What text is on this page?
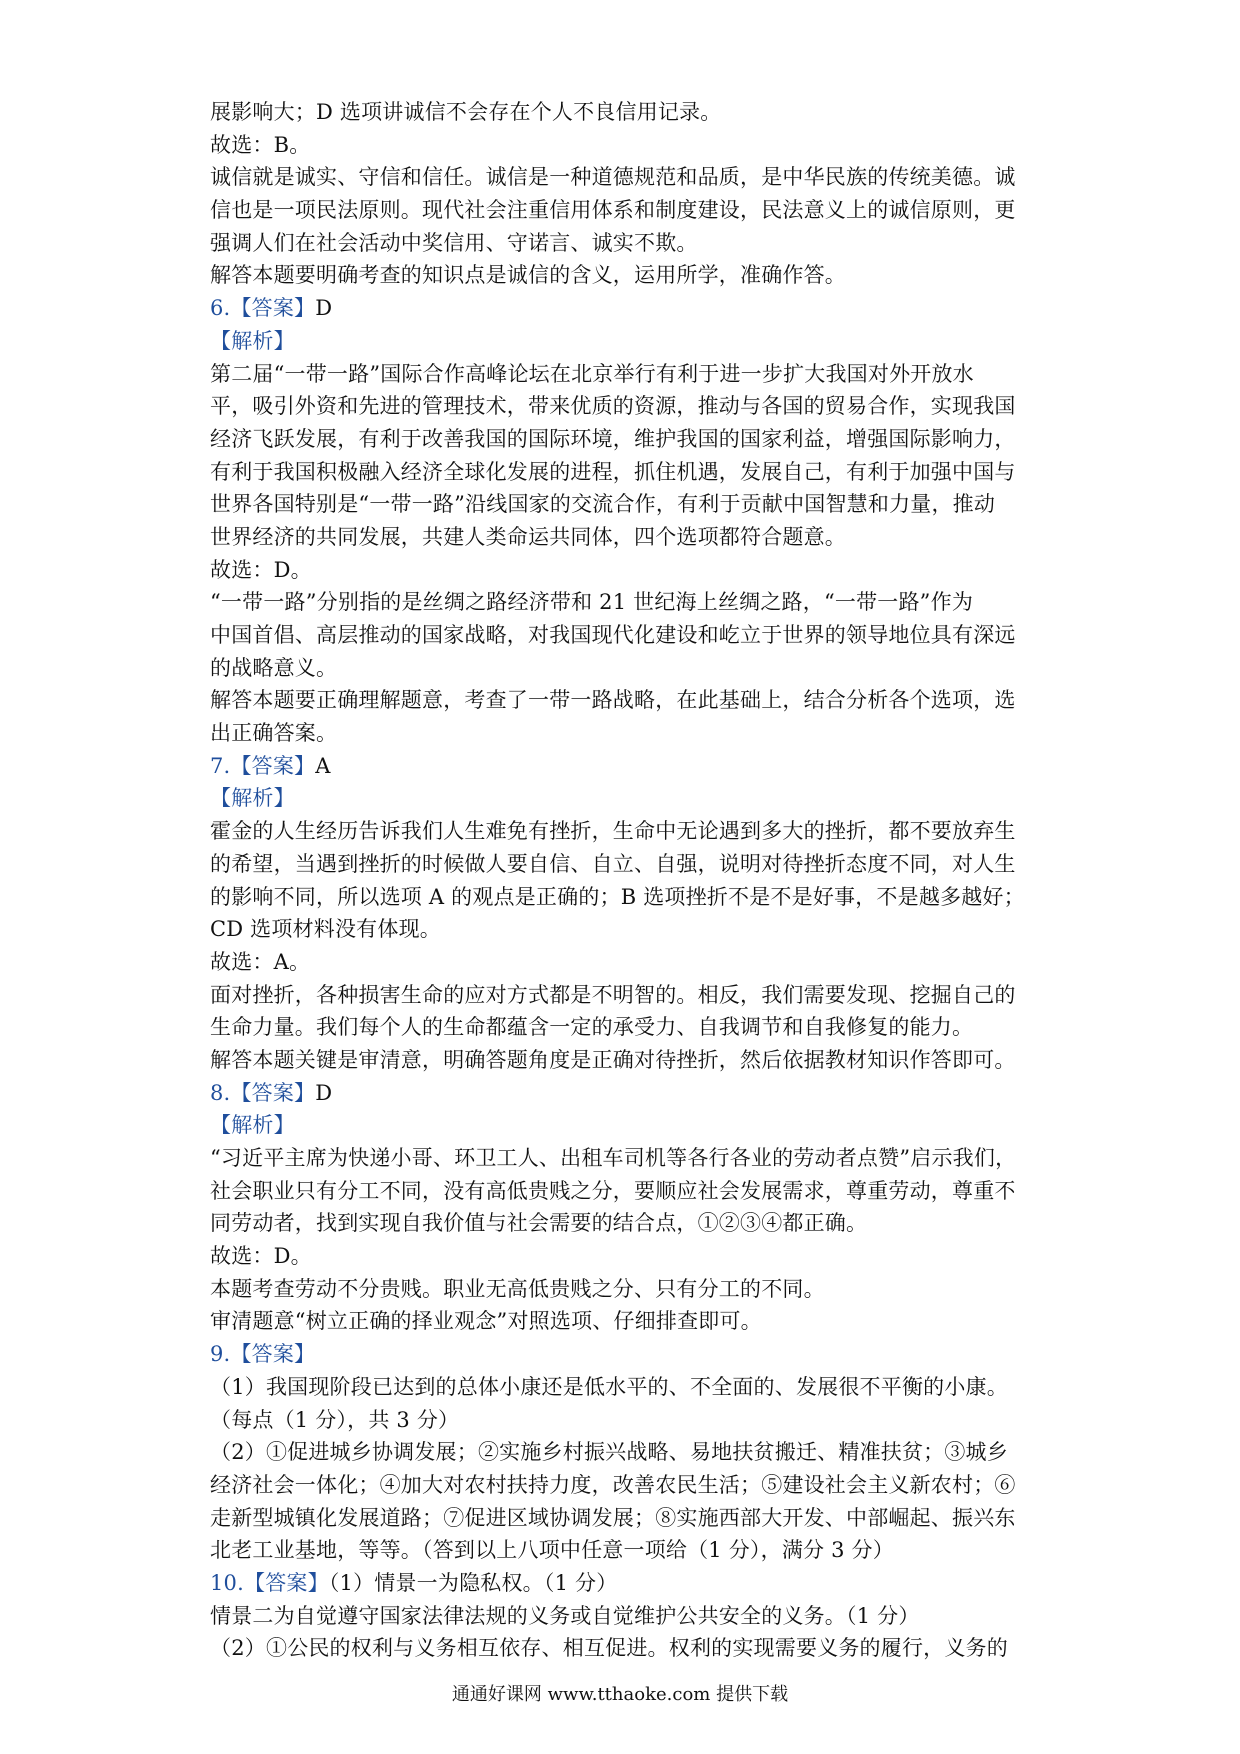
展影响大；D 选项讲诚信不会存在个人不良信用记录。
故选：B。
诚信就是诚实、守信和信任。诚信是一种道德规范和品质，是中华民族的传统美德。诚
信也是一项民法原则。现代社会注重信用体系和制度建设，民法意义上的诚信原则，更
强调人们在社会活动中奖信用、守诺言、诚实不欺。
解答本题要明确考查的知识点是诚信的含义，运用所学，准确作答。
6.【答案】D
【解析】
第二届“一带一路”国际合作高峰论坛在北京举行有利于进一步扩大我国对外开放水
平，吸引外资和先进的管理技术，带来优质的资源，推动与各国的贸易合作，实现我国
经济飞跃发展，有利于改善我国的国际环境，维护我国的国家利益，增强国际影响力，
有利于我国积极融入经济全球化发展的进程，抓住机遇，发展自己，有利于加强中国与
世界各国特别是“一带一路”沿线国家的交流合作，有利于贡献中国智慧和力量，推动
世界经济的共同发展，共建人类命运共同体，四个选项都符合题意。
故选：D。
“一带一路”分别指的是丝绸之路经济带和 21 世纪海上丝绸之路，“一带一路”作为
中国首倡、高层推动的国家战略，对我国现代化建设和屹立于世界的领导地位具有深远
的战略意义。
解答本题要正确理解题意，考查了一带一路战略，在此基础上，结合分析各个选项，选
出正确答案。
7.【答案】A
【解析】
霍金的人生经历告诉我们人生难免有挫折，生命中无论遇到多大的挫折，都不要放弃生
的希望，当遇到挫折的时候做人要自信、自立、自强，说明对待挫折态度不同，对人生
的影响不同，所以选项 A 的观点是正确的；B 选项挫折不是不是好事，不是越多越好；
CD 选项材料没有体现。
故选：A。
面对挫折，各种损害生命的应对方式都是不明智的。相反，我们需要发现、挖掘自己的
生命力量。我们每个人的生命都蕴含一定的承受力、自我调节和自我修复的能力。
解答本题关键是审清意，明确答题角度是正确对待挫折，然后依据教材知识作答即可。
8.【答案】D
【解析】
“习近平主席为快递小哥、环卫工人、出租车司机等各行各业的劳动者点赞”启示我们，
社会职业只有分工不同，没有高低贵贱之分，要顺应社会发展需求，尊重劳动，尊重不
同劳动者，找到实现自我价值与社会需要的结合点，①②③④都正确。
故选：D。
本题考查劳动不分贵贱。职业无高低贵贱之分、只有分工的不同。
审清题意“树立正确的择业观念”对照选项、仔细排查即可。
9.【答案】
（1）我国现阶段已达到的总体小康还是低水平的、不全面的、发展很不平衡的小康。
（每点（1 分），共 3 分）
（2）①促进城乡协调发展；②实施乡村振兴战略、易地扶贫搬迁、精准扶贫；③城乡
经济社会一体化；④加大对农村扶持力度，改善农民生活；⑤建设社会主义新农村；⑥
走新型城镇化发展道路；⑦促进区域协调发展；⑧实施西部大开发、中部崛起、振兴东
北老工业基地，等等。（答到以上八项中任意一项给（1 分），满分 3 分）
10.【答案】（1）情景一为隐私权。（1 分）
情景二为自觉遵守国家法律法规的义务或自觉维护公共安全的义务。（1 分）
（2）①公民的权利与义务相互依存、相互促进。权利的实现需要义务的履行，义务的
通通好课网 www.tthaoke.com 提供下载
